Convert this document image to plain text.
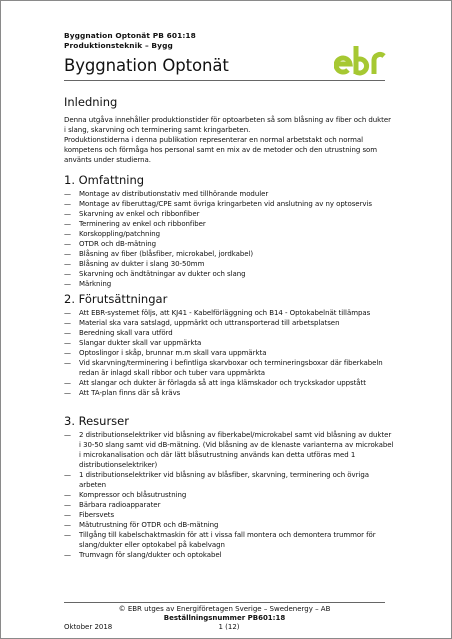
Byggnation Optonät PB 601:18
Produktionsteknik – Bygg
Byggnation Optonät
Inledning

Denna utgåva innehåller produktionstider för optoarbeten så som blåsning av fiber och dukter i slang, skarvning och terminering samt kringarbeten.

Produktionstiderna i denna publikation representerar en normal arbetstakt och normal kompetens och förmåga hos personal samt en mix av de metoder och den utrustning som använts under studierna.

1. Omfattning
— Montage av distributionstativ med tillhörande moduler
— Montage av fiberuttag/CPE samt övriga kringarbeten vid anslutning av ny optoservis
— Skarvning av enkel och ribbonfiber
— Terminering av enkel och ribbonfiber
— Korskoppling/patchning
— OTDR och dB-mätning
— Blåsning av fiber (blåsfiber, microkabel, jordkabel)
— Blåsning av dukter i slang 30-50mm
— Skarvning och ändtätningar av dukter och slang
— Märkning
2. Förutsättningar
— Att EBR-systemet följs, att KJ41 - Kabelförläggning och B14 - Optokabelnät tillämpas
— Material ska vara satslagd, uppmärkt och uttransporterad till arbetsplatsen
— Beredning skall vara utförd
— Slangar dukter skall var uppmärkta
— Optoslingor i skåp, brunnar m.m skall vara uppmärkta
— Vid skarvning/terminering i befintliga skarvboxar och termineringsboxar där fiberkabeln redan är inlagd skall ribbor och tuber vara uppmärkta
— Att slangar och dukter är förlagda så att inga klämskador och tryckskador uppstått
— Att TA-plan finns där så krävs
3. Resurser
— 2 distributionselektriker vid blåsning av fiberkabel/microkabel samt vid blåsning av dukter i 30-50 slang samt vid dB-mätning. (Vid blåsning av de klenaste varianterna av microkabel i microkanalisation och där lätt blåsutrustning används kan detta utföras med 1 distributionselektriker)
— 1 distributionselektriker vid blåsning av blåsfiber, skarvning, terminering och övriga arbeten
— Kompressor och blåsutrustning
— Bärbara radioapparater
— Fibersvets
— Mätutrustning för OTDR och dB-mätning
— Tillgång till kabelschaktmaskin för att i vissa fall montera och demontera trummor för slang/dukter eller optokabel på kabelvagn
— Trumvagn för slang/dukter och optokabel
© EBR utges av Energiföretagen Sverige – Swedenergy – AB
Beställningsnummer PB601:18
Oktober 2018	1 (12)
